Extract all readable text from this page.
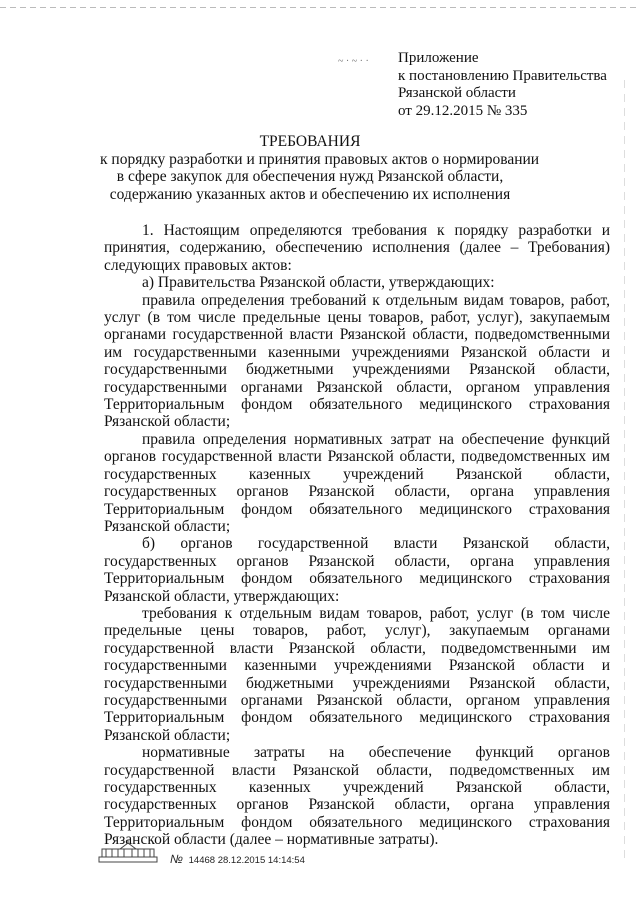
~ · ~ · · Приложение
к постановлению Правительства
Рязанской области
от 29.12.2015 № 335
ТРЕБОВАНИЯ
к порядку разработки и принятия правовых актов о нормировании
в сфере закупок для обеспечения нужд Рязанской области,
содержанию указанных актов и обеспечению их исполнения

1. Настоящим определяются требования к порядку разработки и принятия, содержанию, обеспечению исполнения (далее – Требования) следующих правовых актов:

а) Правительства Рязанской области, утверждающих:

правила определения требований к отдельным видам товаров, работ, услуг (в том числе предельные цены товаров, работ, услуг), закупаемым органами государственной власти Рязанской области, подведомственными им государственными казенными учреждениями Рязанской области и государственными бюджетными учреждениями Рязанской области, государственными органами Рязанской области, органом управления Территориальным фондом обязательного медицинского страхования Рязанской области;

правила определения нормативных затрат на обеспечение функций органов государственной власти Рязанской области, подведомственных им государственных казенных учреждений Рязанской области, государственных органов Рязанской области, органа управления Территориальным фондом обязательного медицинского страхования Рязанской области;

б) органов государственной власти Рязанской области, государственных органов Рязанской области, органа управления Территориальным фондом обязательного медицинского страхования Рязанской области, утверждающих:

требования к отдельным видам товаров, работ, услуг (в том числе предельные цены товаров, работ, услуг), закупаемым органами государственной власти Рязанской области, подведомственными им государственными казенными учреждениями Рязанской области и государственными бюджетными учреждениями Рязанской области, государственными органами Рязанской области, органом управления Территориальным фондом обязательного медицинского страхования Рязанской области;

нормативные затраты на обеспечение функций органов государственной власти Рязанской области, подведомственных им государственных казенных учреждений Рязанской области, государственных органов Рязанской области, органа управления Территориальным фондом обязательного медицинского страхования Рязанской области (далее – нормативные затраты).

№ 14468 28.12.2015 14:14:54
